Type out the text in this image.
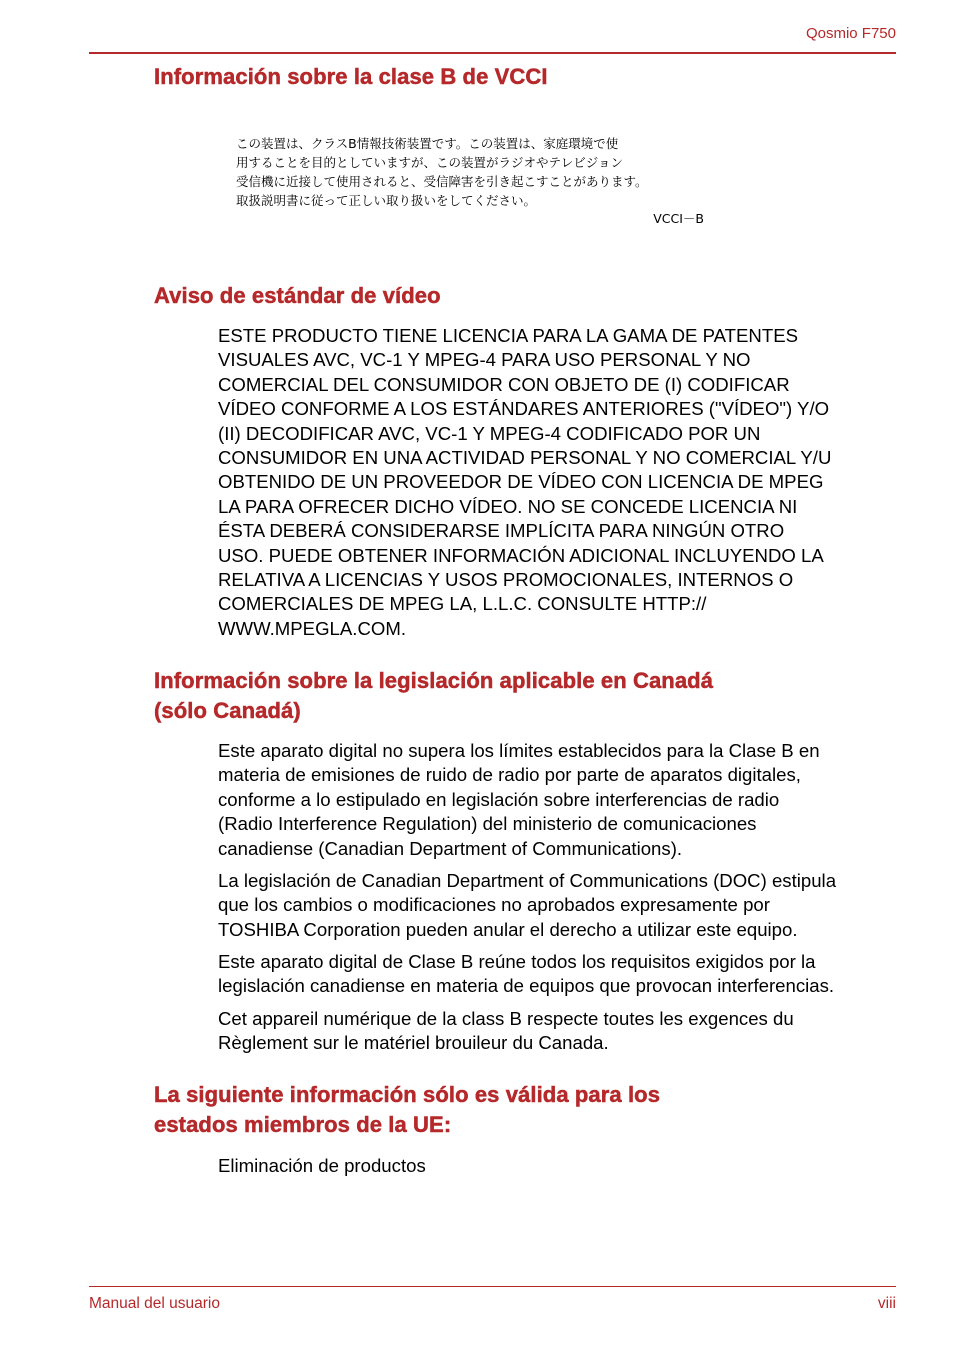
Qosmio F750
Información sobre la clase B de VCCI
この装置は、クラスB情報技術装置です。この装置は、家庭環境で使
用することを目的としていますが、この装置がラジオやテレビジョン
受信機に近接して使用されると、受信障害を引き起こすことがあります。
取扱説明書に従って正しい取り扱いをしてください。
VCCI－B
Aviso de estándar de vídeo
ESTE PRODUCTO TIENE LICENCIA PARA LA GAMA DE PATENTES
VISUALES AVC, VC-1 Y MPEG-4 PARA USO PERSONAL Y NO
COMERCIAL DEL CONSUMIDOR CON OBJETO DE (I) CODIFICAR
VÍDEO CONFORME A LOS ESTÁNDARES ANTERIORES ("VÍDEO") Y/O
(II) DECODIFICAR AVC, VC-1 Y MPEG-4 CODIFICADO POR UN
CONSUMIDOR EN UNA ACTIVIDAD PERSONAL Y NO COMERCIAL Y/U
OBTENIDO DE UN PROVEEDOR DE VÍDEO CON LICENCIA DE MPEG
LA PARA OFRECER DICHO VÍDEO. NO SE CONCEDE LICENCIA NI
ÉSTA DEBERÁ CONSIDERARSE IMPLÍCITA PARA NINGÚN OTRO
USO. PUEDE OBTENER INFORMACIÓN ADICIONAL INCLUYENDO LA
RELATIVA A LICENCIAS Y USOS PROMOCIONALES, INTERNOS O
COMERCIALES DE MPEG LA, L.L.C. CONSULTE HTTP://
WWW.MPEGLA.COM.
Información sobre la legislación aplicable en Canadá
(sólo Canadá)
Este aparato digital no supera los límites establecidos para la Clase B en
materia de emisiones de ruido de radio por parte de aparatos digitales,
conforme a lo estipulado en legislación sobre interferencias de radio
(Radio Interference Regulation) del ministerio de comunicaciones
canadiense (Canadian Department of Communications).
La legislación de Canadian Department of Communications (DOC) estipula
que los cambios o modificaciones no aprobados expresamente por
TOSHIBA Corporation pueden anular el derecho a utilizar este equipo.
Este aparato digital de Clase B reúne todos los requisitos exigidos por la
legislación canadiense en materia de equipos que provocan interferencias.
Cet appareil numérique de la class B respecte toutes les exgences du
Règlement sur le matériel brouileur du Canada.
La siguiente información sólo es válida para los
estados miembros de la UE:
Eliminación de productos
Manual del usuario	viii
